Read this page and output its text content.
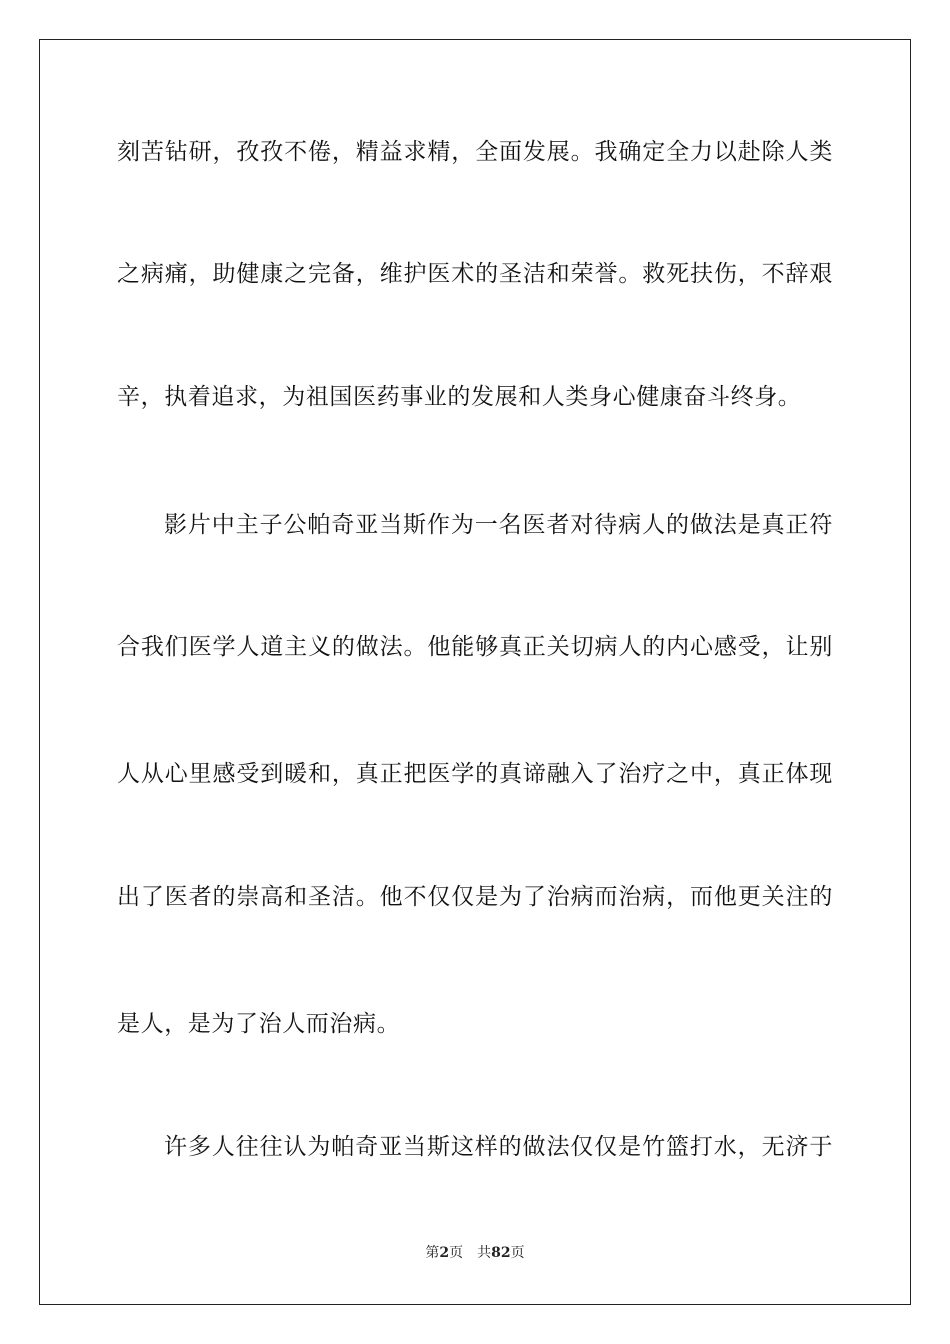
刻苦钻研，孜孜不倦，精益求精，全面发展。我确定全力以赴除人类
之病痛，助健康之完备，维护医术的圣洁和荣誉。救死扶伤，不辞艰
辛，执着追求，为祖国医药事业的发展和人类身心健康奋斗终身。
影片中主子公帕奇亚当斯作为一名医者对待病人的做法是真正符
合我们医学人道主义的做法。他能够真正关切病人的内心感受，让别
人从心里感受到暖和，真正把医学的真谛融入了治疗之中，真正体现
出了医者的崇高和圣洁。他不仅仅是为了治病而治病，而他更关注的
是人，是为了治人而治病。
许多人往往认为帕奇亚当斯这样的做法仅仅是竹篮打水，无济于
第2页 共82页
